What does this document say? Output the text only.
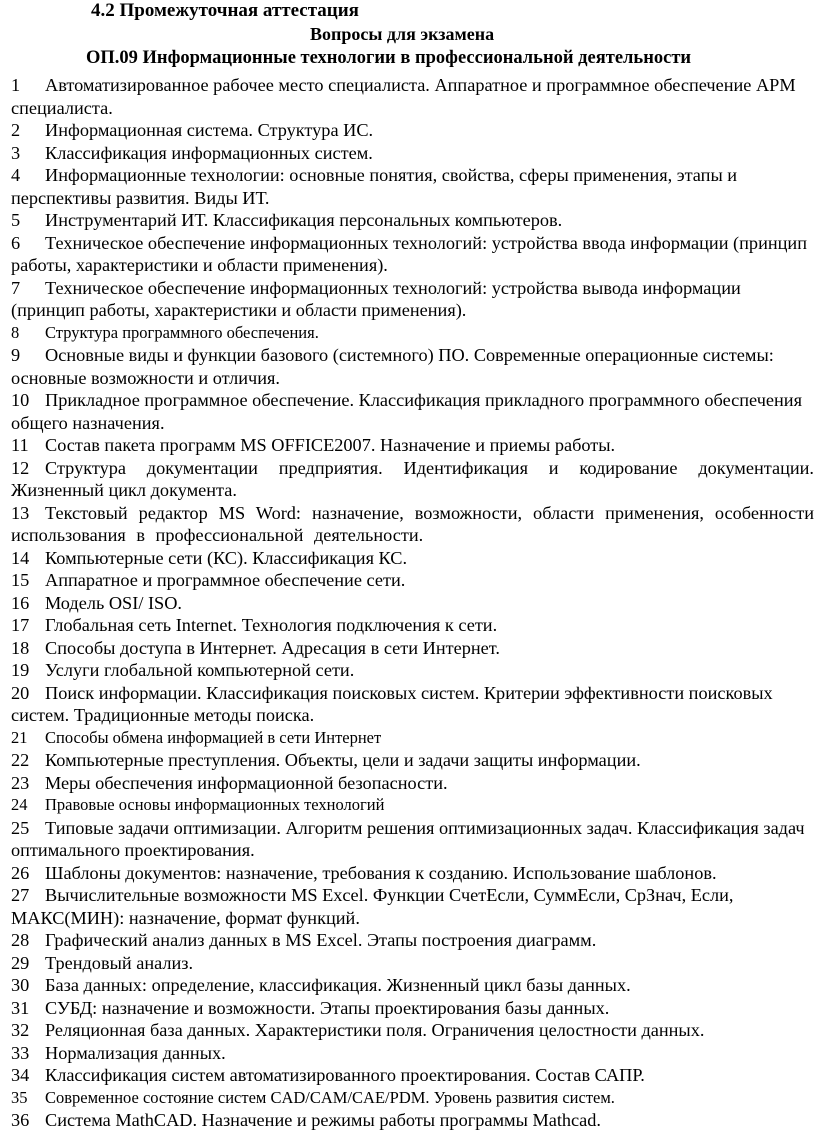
4.2 Промежуточная аттестация
Вопросы для экзамена
ОП.09 Информационные технологии в профессиональной деятельности
1 Автоматизированное рабочее место специалиста. Аппаратное и программное обеспечение АРМ специалиста.
2 Информационная система. Структура ИС.
3 Классификация информационных систем.
4 Информационные технологии: основные понятия, свойства, сферы применения, этапы и перспективы развития. Виды ИТ.
5 Инструментарий ИТ. Классификация персональных компьютеров.
6 Техническое обеспечение информационных технологий: устройства ввода информации (принцип работы, характеристики и области применения).
7 Техническое обеспечение информационных технологий: устройства вывода информации (принцип работы, характеристики и области применения).
8 Структура программного обеспечения.
9 Основные виды и функции базового (системного) ПО. Современные операционные системы: основные возможности и отличия.
10 Прикладное программное обеспечение. Классификация прикладного программного обеспечения общего назначения.
11 Состав пакета программ MS OFFICE2007. Назначение и приемы работы.
12 Структура документации предприятия. Идентификация и кодирование документации. Жизненный цикл документа.
13 Текстовый редактор MS Word: назначение, возможности, области применения, особенности использования в профессиональной деятельности.
14 Компьютерные сети (КС). Классификация КС.
15 Аппаратное и программное обеспечение сети.
16 Модель OSI/ ISO.
17 Глобальная сеть Internet. Технология подключения к сети.
18 Способы доступа в Интернет. Адресация в сети Интернет.
19 Услуги глобальной компьютерной сети.
20 Поиск информации. Классификация поисковых систем. Критерии эффективности поисковых систем. Традиционные методы поиска.
21 Способы обмена информацией в сети Интернет
22 Компьютерные преступления. Объекты, цели и задачи защиты информации.
23 Меры обеспечения информационной безопасности.
24 Правовые основы информационных технологий
25 Типовые задачи оптимизации. Алгоритм решения оптимизационных задач. Классификация задач оптимального проектирования.
26 Шаблоны документов: назначение, требования к созданию. Использование шаблонов.
27 Вычислительные возможности MS Excel. Функции СчетЕсли, СуммЕсли, СрЗнач, Если, МАКС(МИН): назначение, формат функций.
28 Графический анализ данных в MS Excel. Этапы построения диаграмм.
29 Трендовый анализ.
30 База данных: определение, классификация. Жизненный цикл базы данных.
31 СУБД: назначение и возможности. Этапы проектирования базы данных.
32 Реляционная база данных. Характеристики поля. Ограничения целостности данных.
33 Нормализация данных.
34 Классификация систем автоматизированного проектирования. Состав САПР.
35 Современное состояние систем CAD/CAM/CAE/PDM. Уровень развития систем.
36 Система MathCAD. Назначение и режимы работы программы Mathcad.
